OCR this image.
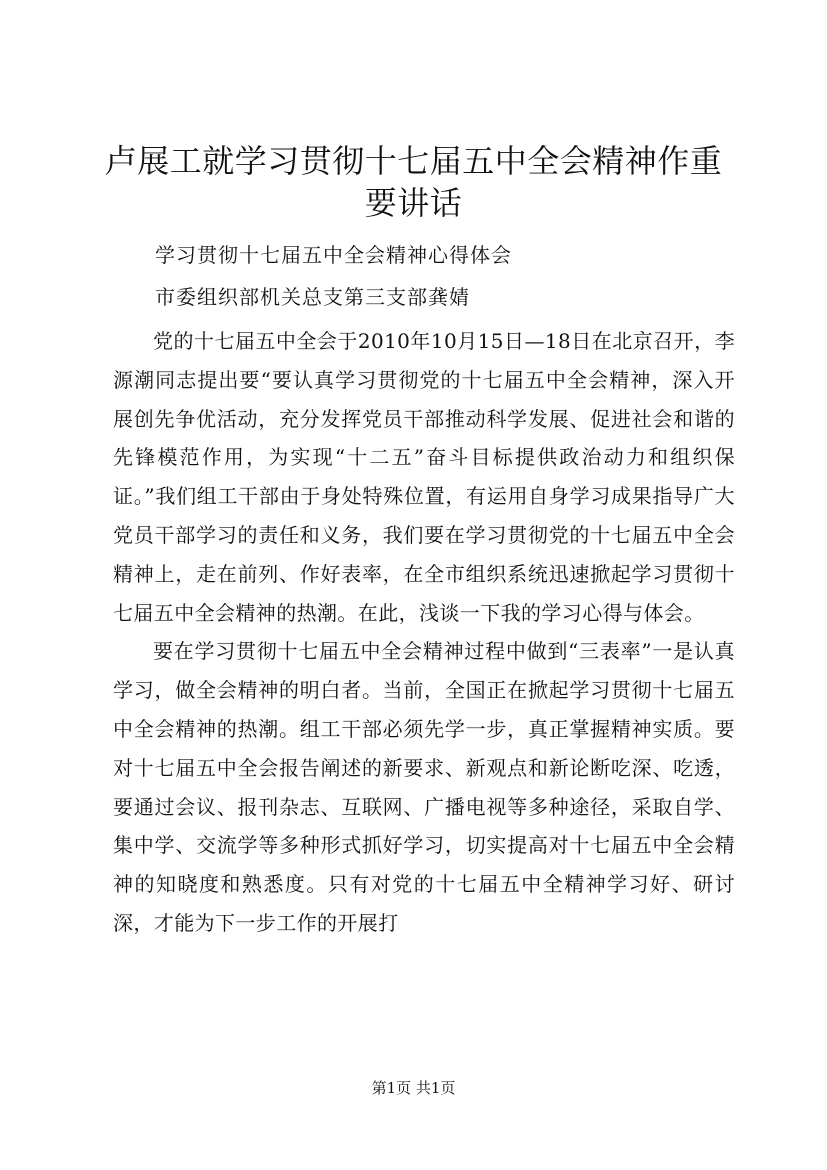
卢展工就学习贯彻十七届五中全会精神作重要讲话

学习贯彻十七届五中全会精神心得体会

市委组织部机关总支第三支部龚婧

党的十七届五中全会于2010年10月15日—18日在北京召开，李源潮同志提出要“要认真学习贯彻党的十七届五中全会精神，深入开展创先争优活动，充分发挥党员干部推动科学发展、促进社会和谐的先锋模范作用，为实现“十二五”奋斗目标提供政治动力和组织保证。”我们组工干部由于身处特殊位置，有运用自身学习成果指导广大党员干部学习的责任和义务，我们要在学习贯彻党的十七届五中全会精神上，走在前列、作好表率，在全市组织系统迅速掀起学习贯彻十七届五中全会精神的热潮。在此，浅谈一下我的学习心得与体会。

要在学习贯彻十七届五中全会精神过程中做到“三表率”一是认真学习，做全会精神的明白者。当前，全国正在掀起学习贯彻十七届五中全会精神的热潮。组工干部必须先学一步，真正掌握精神实质。要对十七届五中全会报告阐述的新要求、新观点和新论断吃深、吃透，要通过会议、报刊杂志、互联网、广播电视等多种途径，采取自学、集中学、交流学等多种形式抓好学习，切实提高对十七届五中全会精神的知晓度和熟悉度。只有对党的十七届五中全精神学习好、研讨深，才能为下一步工作的开展打

第1页 共1页
